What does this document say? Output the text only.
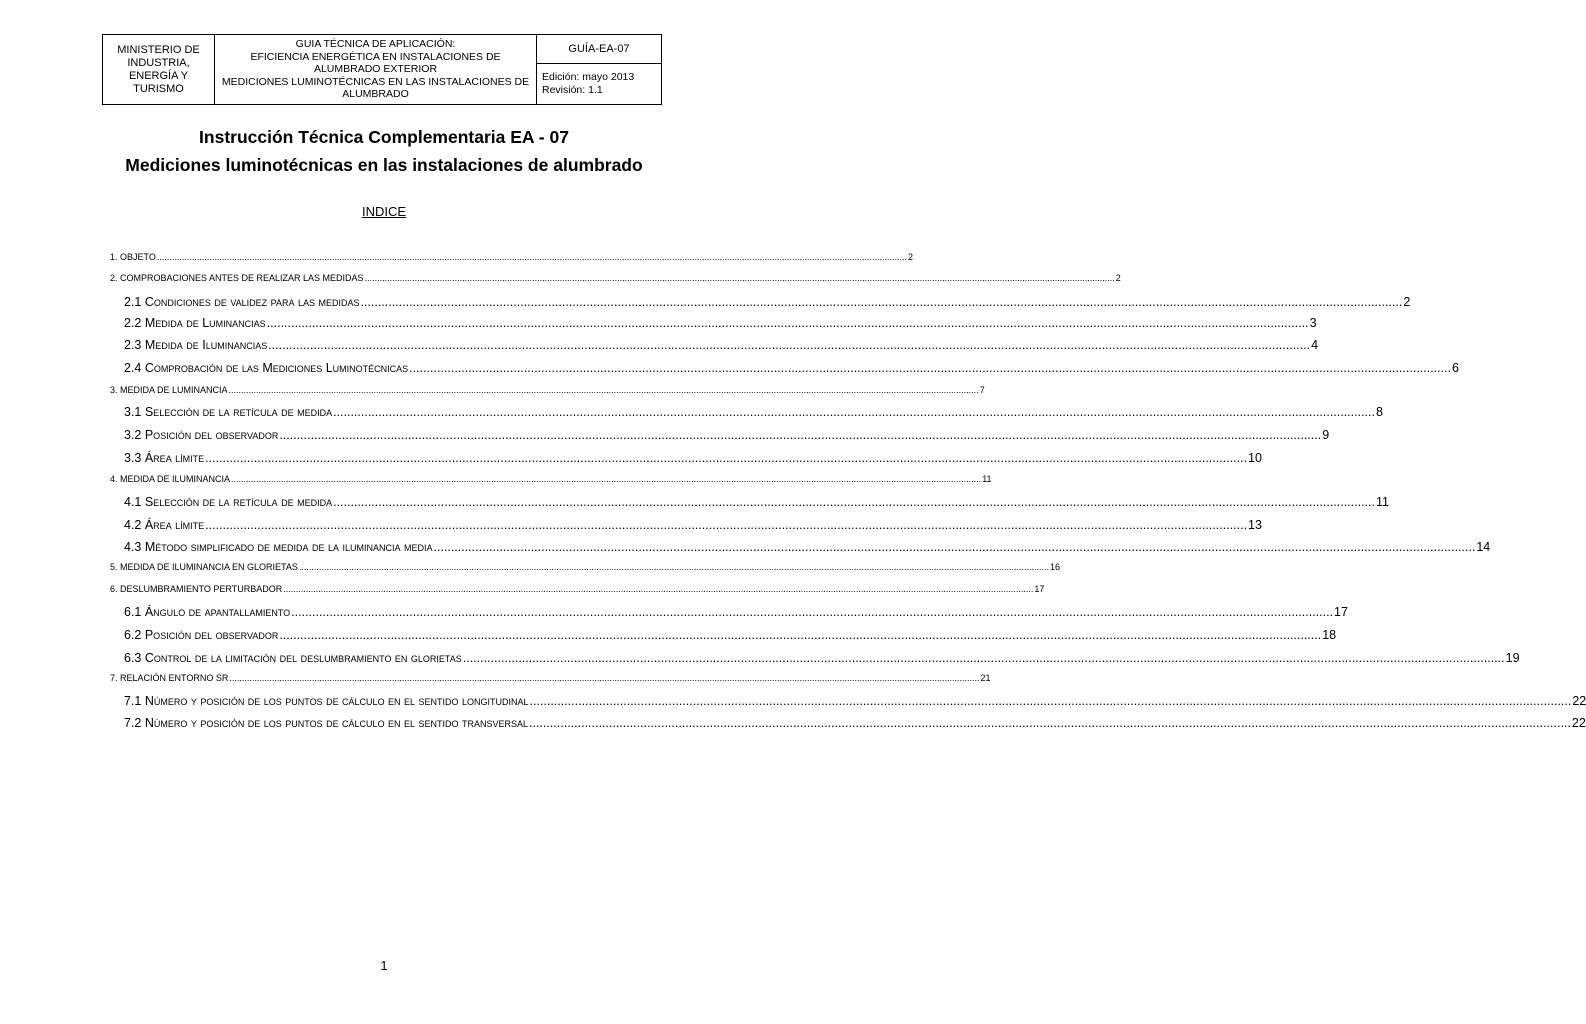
MINISTERIO DE INDUSTRIA, ENERGÍA Y TURISMO
GUIA TÉCNICA DE APLICACIÓN:
EFICIENCIA ENERGÉTICA EN INSTALACIONES DE ALUMBRADO EXTERIOR
MEDICIONES LUMINOTÉCNICAS EN LAS INSTALACIONES DE ALUMBRADO
GUÍA-EA-07
Edición: mayo 2013
Revisión: 1.1
Instrucción Técnica Complementaria EA - 07
Mediciones luminotécnicas en las instalaciones de alumbrado
INDICE
1. OBJETO ............................................................................................................................................................................................................................................................................................................ 2
2. COMPROBACIONES ANTES DE REALIZAR LAS MEDIDAS ............................................................................................................................................................................................................................................................................................................ 2
2.1 Condiciones de validez para las medidas ............................................................................................................................................................................................................................................................................................................ 2
2.2 Medida de Luminancias ............................................................................................................................................................................................................................................................................................................ 3
2.3 Medida de Iluminancias ............................................................................................................................................................................................................................................................................................................ 4
2.4 Comprobación de las Mediciones Luminotécnicas ............................................................................................................................................................................................................................................................................................................ 6
3. MEDIDA DE LUMINANCIA ............................................................................................................................................................................................................................................................................................................ 7
3.1 Selección de la retícula de medida ............................................................................................................................................................................................................................................................................................................ 8
3.2 Posición del observador ............................................................................................................................................................................................................................................................................................................ 9
3.3 Área límite ............................................................................................................................................................................................................................................................................................................ 10
4. MEDIDA DE ILUMINANCIA ............................................................................................................................................................................................................................................................................................................ 11
4.1 Selección de la retícula de medida ............................................................................................................................................................................................................................................................................................................ 11
4.2 Área límite ............................................................................................................................................................................................................................................................................................................ 13
4.3 Método simplificado de medida de la iluminancia media ............................................................................................................................................................................................................................................................................................................ 14
5. MEDIDA DE ILUMINANCIA EN GLORIETAS ............................................................................................................................................................................................................................................................................................................ 16
6. DESLUMBRAMIENTO PERTURBADOR ............................................................................................................................................................................................................................................................................................................ 17
6.1 Ángulo de apantallamiento ............................................................................................................................................................................................................................................................................................................ 17
6.2 Posición del observador ............................................................................................................................................................................................................................................................................................................ 18
6.3 Control de la limitación del deslumbramiento en glorietas ............................................................................................................................................................................................................................................................................................................ 19
7. RELACIÓN ENTORNO SR ............................................................................................................................................................................................................................................................................................................ 21
7.1 Número y posición de los puntos de cálculo en el sentido longitudinal ............................................................................................................................................................................................................................................................................................................ 22
7.2 Número y posición de los puntos de cálculo en el sentido transversal ............................................................................................................................................................................................................................................................................................................ 22
1
